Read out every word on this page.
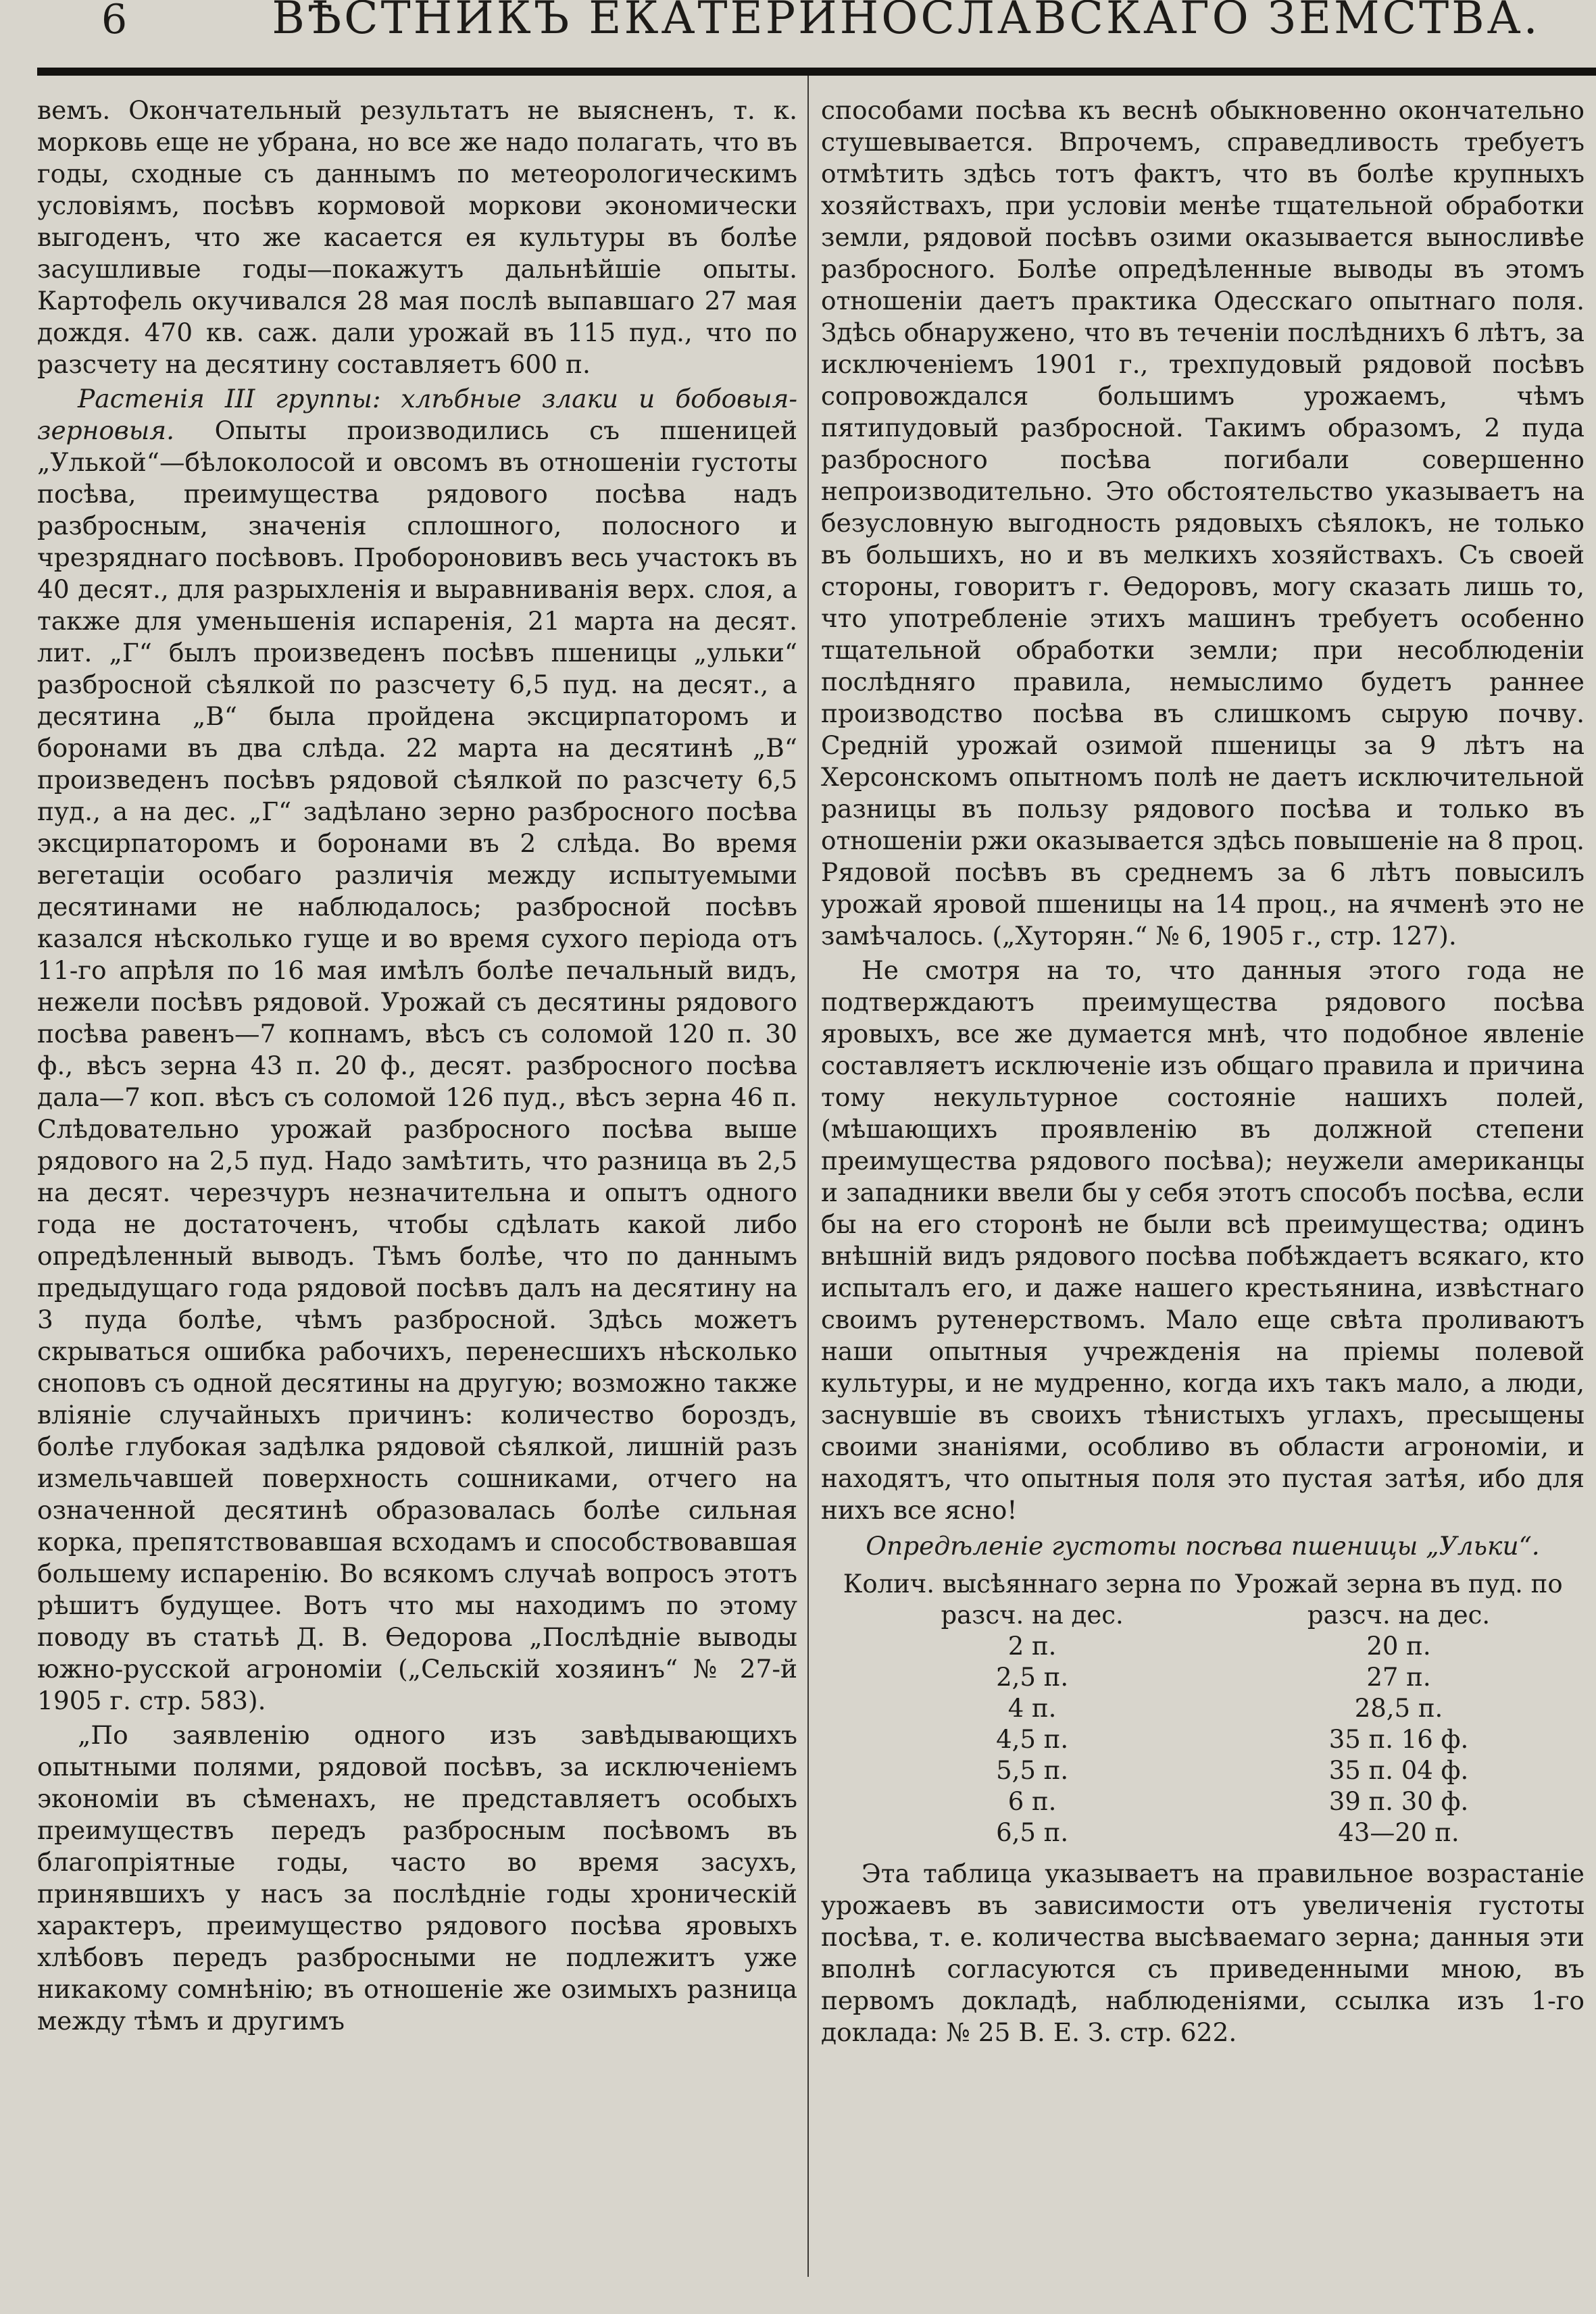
6	ВѢСТНИКЪ ЕКАТЕРИНОСЛАВСКАГО ЗЕМСТВА.

вемъ. Окончательный результатъ не выясненъ, т. к. морковь еще не убрана, но все же надо полагать, что въ годы, сходные съ даннымъ по метеорологическимъ условіямъ, посѣвъ кормовой моркови экономически выгоденъ, что же касается ея культуры въ болѣе засушливые годы—покажутъ дальнѣйшіе опыты. Картофель окучивался 28 мая послѣ выпавшаго 27 мая дождя. 470 кв. саж. дали урожай въ 115 пуд., что по разсчету на десятину составляетъ 600 п.

Растенія III группы: хлѣбные злаки и бобовыя-зерновыя. Опыты производились съ пшеницей „Улькой“—бѣлоколосой и овсомъ въ отношеніи густоты посѣва, преимущества рядового посѣва надъ разбросным, значенія сплошного, полосного и чрезряднаго посѣвовъ. Пробороновивъ весь участокъ въ 40 десят., для разрыхленія и выравниванія верх. слоя, а также для уменьшенія испаренія, 21 марта на десят. лит. „Г“ былъ произведенъ посѣвъ пшеницы „ульки“ разбросной сѣялкой по разсчету 6,5 пуд. на десят., а десятина „В“ была пройдена эксцирпаторомъ и боронами въ два слѣда. 22 марта на десятинѣ „В“ произведенъ посѣвъ рядовой сѣялкой по разсчету 6,5 пуд., а на дес. „Г“ задѣлано зерно разбросного посѣва эксцирпаторомъ и боронами въ 2 слѣда. Во время вегетаціи особаго различія между испытуемыми десятинами не наблюдалось; разбросной посѣвъ казался нѣсколько гуще и во время сухого періода отъ 11-го апрѣля по 16 мая имѣлъ болѣе печальный видъ, нежели посѣвъ рядовой. Урожай съ десятины рядового посѣва равенъ—7 копнамъ, вѣсъ съ соломой 120 п. 30 ф., вѣсъ зерна 43 п. 20 ф., десят. разбросного посѣва дала—7 коп. вѣсъ съ соломой 126 пуд., вѣсъ зерна 46 п. Слѣдовательно урожай разбросного посѣва выше рядового на 2,5 пуд. Надо замѣтить, что разница въ 2,5 на десят. черезчуръ незначительна и опытъ одного года не достаточенъ, чтобы сдѣлать какой либо опредѣленный выводъ. Тѣмъ болѣе, что по даннымъ предыдущаго года рядовой посѣвъ далъ на десятину на 3 пуда болѣе, чѣмъ разбросной. Здѣсь можетъ скрываться ошибка рабочихъ, перенесшихъ нѣсколько сноповъ съ одной десятины на другую; возможно также вліяніе случайныхъ причинъ: количество бороздъ, болѣе глубокая задѣлка рядовой сѣялкой, лишній разъ измельчавшей поверхность сошниками, отчего на означенной десятинѣ образовалась болѣе сильная корка, препятствовавшая всходамъ и способствовавшая большему испаренію. Во всякомъ случаѣ вопросъ этотъ рѣшитъ будущее. Вотъ что мы находимъ по этому поводу въ статьѣ Д. В. Өедорова „Послѣдніе выводы южно-русской агрономіи („Сельскій хозяинъ“ № 27-й 1905 г. стр. 583).

„По заявленію одного изъ завѣдывающихъ опытными полями, рядовой посѣвъ, за исключеніемъ экономіи въ сѣменахъ, не представляетъ особыхъ преимуществъ передъ разбросным посѣвомъ въ благопріятные годы, часто во время засухъ, принявшихъ у насъ за послѣдніе годы хроническій характеръ, преимущество рядового посѣва яровыхъ хлѣбовъ передъ разбросными не подлежитъ уже никакому сомнѣнію; въ отношеніе же озимыхъ разница между тѣмъ и другимъ

способами посѣва къ веснѣ обыкновенно окончательно стушевывается. Впрочемъ, справедливость требуетъ отмѣтить здѣсь тотъ фактъ, что въ болѣе крупныхъ хозяйствахъ, при условіи менѣе тщательной обработки земли, рядовой посѣвъ озими оказывается выносливѣе разбросного. Болѣе опредѣленные выводы въ этомъ отношеніи даетъ практика Одесскаго опытнаго поля. Здѣсь обнаружено, что въ теченіи послѣднихъ 6 лѣтъ, за исключеніемъ 1901 г., трехпудовый рядовой посѣвъ сопровождался большимъ урожаемъ, чѣмъ пятипудовый разбросной. Такимъ образомъ, 2 пуда разбросного посѣва погибали совершенно непроизводительно. Это обстоятельство указываетъ на безусловную выгодность рядовыхъ сѣялокъ, не только въ большихъ, но и въ мелкихъ хозяйствахъ. Съ своей стороны, говоритъ г. Өедоровъ, могу сказать лишь то, что употребленіе этихъ машинъ требуетъ особенно тщательной обработки земли; при несоблюденіи послѣдняго правила, немыслимо будетъ раннее производство посѣва въ слишкомъ сырую почву. Средній урожай озимой пшеницы за 9 лѣтъ на Херсонскомъ опытномъ полѣ не даетъ исключительной разницы въ пользу рядового посѣва и только въ отношеніи ржи оказывается здѣсь повышеніе на 8 проц. Рядовой посѣвъ въ среднемъ за 6 лѣтъ повысилъ урожай яровой пшеницы на 14 проц., на ячменѣ это не замѣчалось. („Хуторян.“ № 6, 1905 г., стр. 127).

Не смотря на то, что данныя этого года не подтверждаютъ преимущества рядового посѣва яровыхъ, все же думается мнѣ, что подобное явленіе составляетъ исключеніе изъ общаго правила и причина тому некультурное состояніе нашихъ полей, (мѣшающихъ проявленію въ должной степени преимущества рядового посѣва); неужели американцы и западники ввели бы у себя этотъ способъ посѣва, если бы на его сторонѣ не были всѣ преимущества; одинъ внѣшній видъ рядового посѣва побѣждаетъ всякаго, кто испыталъ его, и даже нашего крестьянина, извѣстнаго своимъ рутенерствомъ. Мало еще свѣта проливаютъ наши опытныя учрежденія на пріемы полевой культуры, и не мудренно, когда ихъ такъ мало, а люди, заснувшіе въ своихъ тѣнистыхъ углахъ, пресыщены своими знаніями, особливо въ области агрономіи, и находятъ, что опытныя поля это пустая затѣя, ибо для нихъ все ясно!

Опредѣленіе густоты посѣва пшеницы „Ульки“.
Колич. высѣяннаго зерна по разсч. на дес.	Урожай зерна въ пуд. по разсч. на дес.
2 п.	20 п.
2,5 п.	27 п.
4 п.	28,5 п.
4,5 п.	35 п. 16 ф.
5,5 п.	35 п. 04 ф.
6 п.	39 п. 30 ф.
6,5 п.	43—20 п.

Эта таблица указываетъ на правильное возрастаніе урожаевъ въ зависимости отъ увеличенія густоты посѣва, т. е. количества высѣваемаго зерна; данныя эти вполнѣ согласуются съ приведенными мною, въ первомъ докладѣ, наблюденіями, ссылка изъ 1-го доклада: № 25 В. Е. З. стр. 622.
